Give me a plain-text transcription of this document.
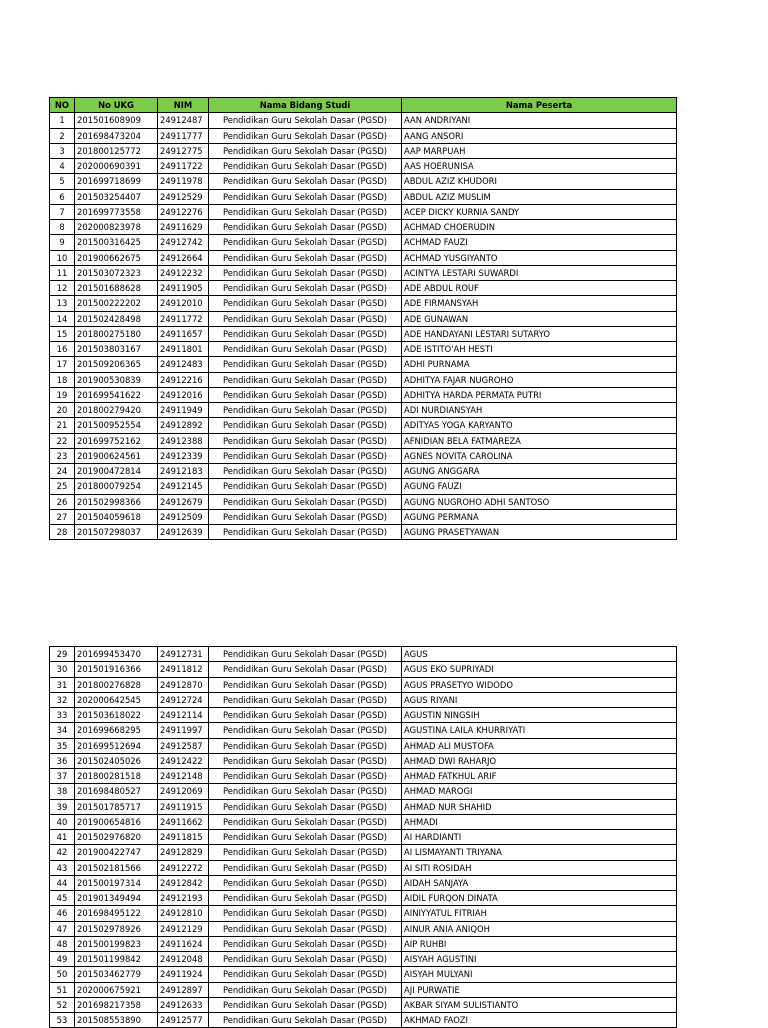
NO	No UKG	NIM	Nama Bidang Studi	Nama Peserta
1	201501608909	24912487	Pendidikan Guru Sekolah Dasar (PGSD)	AAN ANDRIYANI
2	201698473204	24911777	Pendidikan Guru Sekolah Dasar (PGSD)	AANG ANSORI
3	201800125772	24912775	Pendidikan Guru Sekolah Dasar (PGSD)	AAP MARPUAH
4	202000690391	24911722	Pendidikan Guru Sekolah Dasar (PGSD)	AAS HOERUNISA
5	201699718699	24911978	Pendidikan Guru Sekolah Dasar (PGSD)	ABDUL AZIZ KHUDORI
6	201503254407	24912529	Pendidikan Guru Sekolah Dasar (PGSD)	ABDUL AZIZ MUSLIM
7	201699773558	24912276	Pendidikan Guru Sekolah Dasar (PGSD)	ACEP DICKY KURNIA SANDY
8	202000823978	24911629	Pendidikan Guru Sekolah Dasar (PGSD)	ACHMAD CHOERUDIN
9	201500316425	24912742	Pendidikan Guru Sekolah Dasar (PGSD)	ACHMAD FAUZI
10	201900662675	24912664	Pendidikan Guru Sekolah Dasar (PGSD)	ACHMAD YUSGIYANTO
11	201503072323	24912232	Pendidikan Guru Sekolah Dasar (PGSD)	ACINTYA LESTARI SUWARDI
12	201501688628	24911905	Pendidikan Guru Sekolah Dasar (PGSD)	ADE ABDUL ROUF
13	201500222202	24912010	Pendidikan Guru Sekolah Dasar (PGSD)	ADE FIRMANSYAH
14	201502428498	24911772	Pendidikan Guru Sekolah Dasar (PGSD)	ADE GUNAWAN
15	201800275180	24911657	Pendidikan Guru Sekolah Dasar (PGSD)	ADE HANDAYANI LESTARI SUTARYO
16	201503803167	24911801	Pendidikan Guru Sekolah Dasar (PGSD)	ADE ISTITO'AH HESTI
17	201509206365	24912483	Pendidikan Guru Sekolah Dasar (PGSD)	ADHI PURNAMA
18	201900530839	24912216	Pendidikan Guru Sekolah Dasar (PGSD)	ADHITYA FAJAR NUGROHO
19	201699541622	24912016	Pendidikan Guru Sekolah Dasar (PGSD)	ADHITYA HARDA PERMATA PUTRI
20	201800279420	24911949	Pendidikan Guru Sekolah Dasar (PGSD)	ADI NURDIANSYAH
21	201500952554	24912892	Pendidikan Guru Sekolah Dasar (PGSD)	ADITYAS YOGA KARYANTO
22	201699752162	24912388	Pendidikan Guru Sekolah Dasar (PGSD)	AFNIDIAN BELA FATMAREZA
23	201900624561	24912339	Pendidikan Guru Sekolah Dasar (PGSD)	AGNES NOVITA CAROLINA
24	201900472814	24912183	Pendidikan Guru Sekolah Dasar (PGSD)	AGUNG ANGGARA
25	201800079254	24912145	Pendidikan Guru Sekolah Dasar (PGSD)	AGUNG FAUZI
26	201502998366	24912679	Pendidikan Guru Sekolah Dasar (PGSD)	AGUNG NUGROHO ADHI SANTOSO
27	201504059618	24912509	Pendidikan Guru Sekolah Dasar (PGSD)	AGUNG PERMANA
28	201507298037	24912639	Pendidikan Guru Sekolah Dasar (PGSD)	AGUNG PRASETYAWAN
29	201699453470	24912731	Pendidikan Guru Sekolah Dasar (PGSD)	AGUS
30	201501916366	24911812	Pendidikan Guru Sekolah Dasar (PGSD)	AGUS EKO SUPRIYADI
31	201800276828	24912870	Pendidikan Guru Sekolah Dasar (PGSD)	AGUS PRASETYO WIDODO
32	202000642545	24912724	Pendidikan Guru Sekolah Dasar (PGSD)	AGUS RIYANI
33	201503618022	24912114	Pendidikan Guru Sekolah Dasar (PGSD)	AGUSTIN NINGSIH
34	201699668295	24911997	Pendidikan Guru Sekolah Dasar (PGSD)	AGUSTINA LAILA KHURRIYATI
35	201699512694	24912587	Pendidikan Guru Sekolah Dasar (PGSD)	AHMAD ALI MUSTOFA
36	201502405026	24912422	Pendidikan Guru Sekolah Dasar (PGSD)	AHMAD DWI RAHARJO
37	201800281518	24912148	Pendidikan Guru Sekolah Dasar (PGSD)	AHMAD FATKHUL ARIF
38	201698480527	24912069	Pendidikan Guru Sekolah Dasar (PGSD)	AHMAD MAROGI
39	201501785717	24911915	Pendidikan Guru Sekolah Dasar (PGSD)	AHMAD NUR SHAHID
40	201900654816	24911662	Pendidikan Guru Sekolah Dasar (PGSD)	AHMADI
41	201502976820	24911815	Pendidikan Guru Sekolah Dasar (PGSD)	AI HARDIANTI
42	201900422747	24912829	Pendidikan Guru Sekolah Dasar (PGSD)	AI LISMAYANTI TRIYANA
43	201502181566	24912272	Pendidikan Guru Sekolah Dasar (PGSD)	AI SITI ROSIDAH
44	201500197314	24912842	Pendidikan Guru Sekolah Dasar (PGSD)	AIDAH SANJAYA
45	201901349494	24912193	Pendidikan Guru Sekolah Dasar (PGSD)	AIDIL FURQON DINATA
46	201698495122	24912810	Pendidikan Guru Sekolah Dasar (PGSD)	AINIYYATUL FITRIAH
47	201502978926	24912129	Pendidikan Guru Sekolah Dasar (PGSD)	AINUR ANIA ANIQOH
48	201500199823	24911624	Pendidikan Guru Sekolah Dasar (PGSD)	AIP RUHBI
49	201501199842	24912048	Pendidikan Guru Sekolah Dasar (PGSD)	AISYAH AGUSTINI
50	201503462779	24911924	Pendidikan Guru Sekolah Dasar (PGSD)	AISYAH MULYANI
51	202000675921	24912897	Pendidikan Guru Sekolah Dasar (PGSD)	AJI PURWATIE
52	201698217358	24912633	Pendidikan Guru Sekolah Dasar (PGSD)	AKBAR SIYAM SULISTIANTO
53	201508553890	24912577	Pendidikan Guru Sekolah Dasar (PGSD)	AKHMAD FAOZI
